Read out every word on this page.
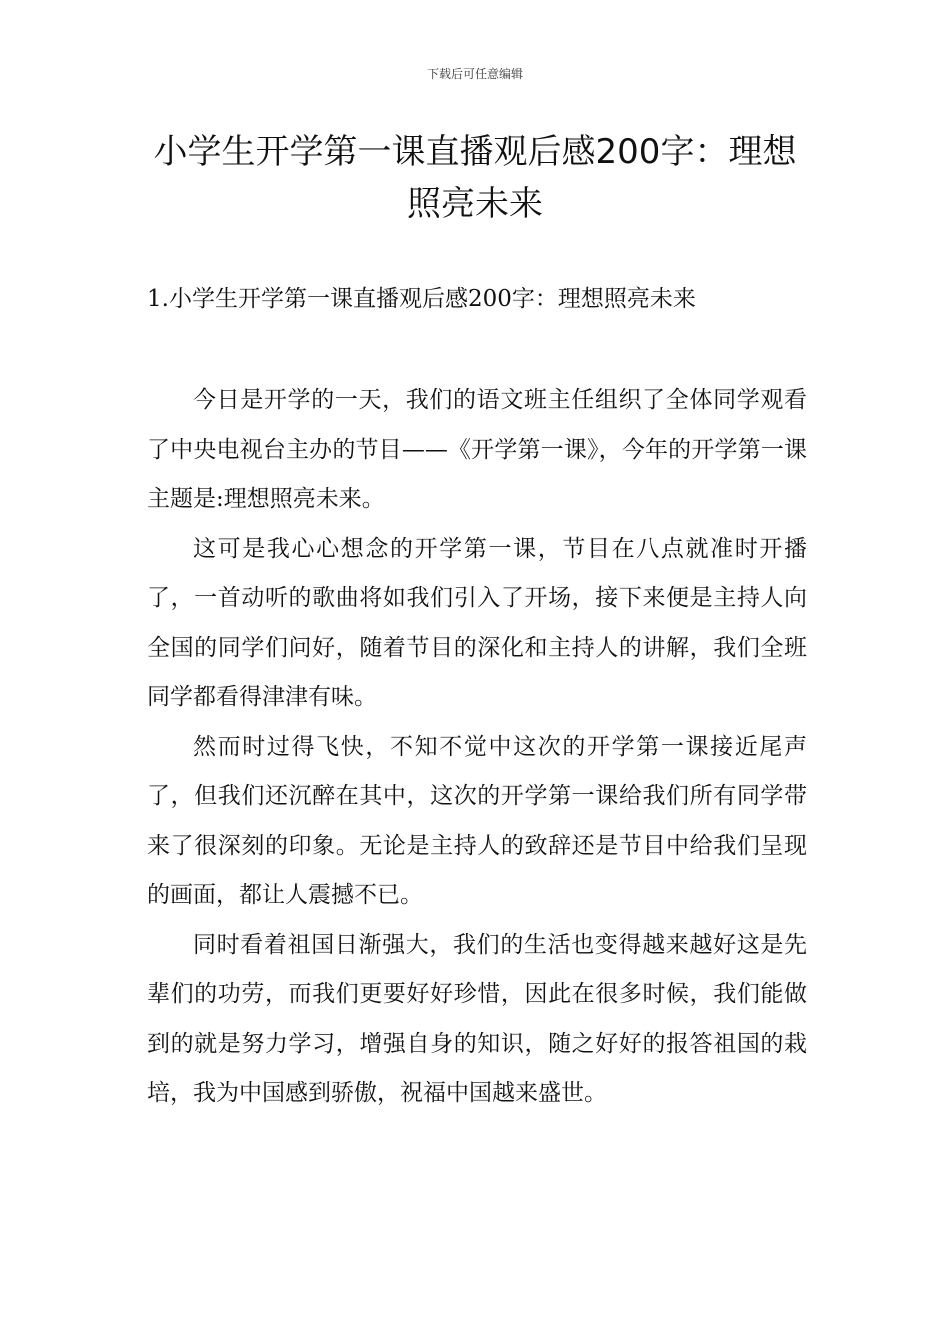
下载后可任意编辑
小学生开学第一课直播观后感200字：理想照亮未来
1.小学生开学第一课直播观后感200字：理想照亮未来

今日是开学的一天，我们的语文班主任组织了全体同学观看了中央电视台主办的节目——《开学第一课》，今年的开学第一课主题是:理想照亮未来。

这可是我心心想念的开学第一课，节目在八点就准时开播了，一首动听的歌曲将如我们引入了开场，接下来便是主持人向全国的同学们问好，随着节目的深化和主持人的讲解，我们全班同学都看得津津有味。

然而时过得飞快，不知不觉中这次的开学第一课接近尾声了，但我们还沉醉在其中，这次的开学第一课给我们所有同学带来了很深刻的印象。无论是主持人的致辞还是节目中给我们呈现的画面，都让人震撼不已。

同时看着祖国日渐强大，我们的生活也变得越来越好这是先辈们的功劳，而我们更要好好珍惜，因此在很多时候，我们能做到的就是努力学习，增强自身的知识，随之好好的报答祖国的栽培，我为中国感到骄傲，祝福中国越来盛世。
